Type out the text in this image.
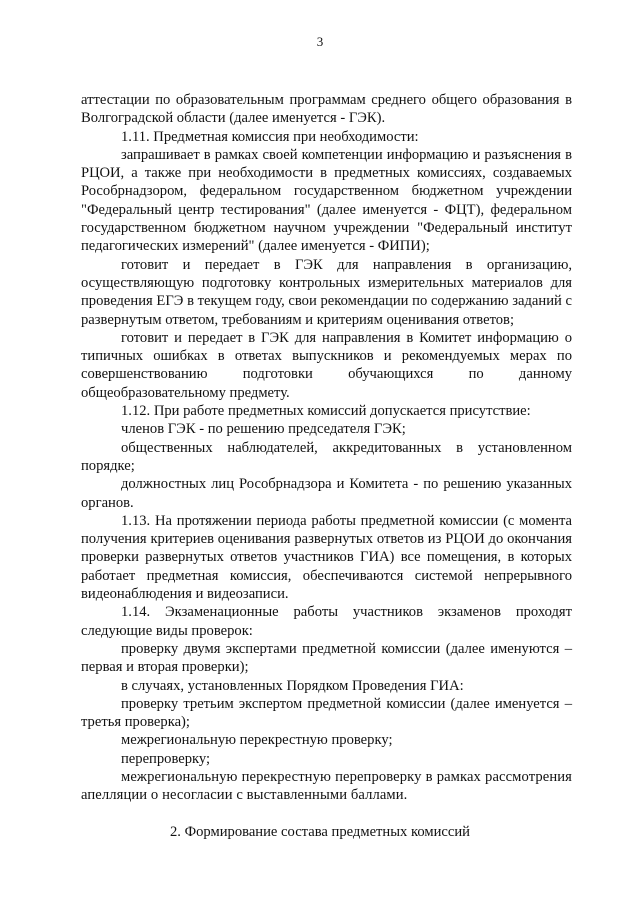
3

аттестации по образовательным программам среднего общего образования в Волгоградской области (далее именуется - ГЭК).

1.11. Предметная комиссия при необходимости:

запрашивает в рамках своей компетенции информацию и разъяснения в РЦОИ, а также при необходимости в предметных комиссиях, создаваемых Рособрнадзором, федеральном государственном бюджетном учреждении "Федеральный центр тестирования" (далее именуется - ФЦТ), федеральном государственном бюджетном научном учреждении "Федеральный институт педагогических измерений" (далее именуется - ФИПИ);

готовит и передает в ГЭК для направления в организацию, осуществляющую подготовку контрольных измерительных материалов для проведения ЕГЭ в текущем году, свои рекомендации по содержанию заданий с развернутым ответом, требованиям и критериям оценивания ответов;

готовит и передает в ГЭК для направления в Комитет информацию о типичных ошибках в ответах выпускников и рекомендуемых мерах по совершенствованию подготовки обучающихся по данному общеобразовательному предмету.

1.12. При работе предметных комиссий допускается присутствие:

членов ГЭК - по решению председателя ГЭК;

общественных наблюдателей, аккредитованных в установленном порядке;

должностных лиц Рособрнадзора и Комитета - по решению указанных органов.

1.13. На протяжении периода работы предметной комиссии (с момента получения критериев оценивания развернутых ответов из РЦОИ до окончания проверки развернутых ответов участников ГИА) все помещения, в которых работает предметная комиссия, обеспечиваются системой непрерывного видеонаблюдения и видеозаписи.

1.14. Экзаменационные работы участников экзаменов проходят следующие виды проверок:

проверку двумя экспертами предметной комиссии (далее именуются – первая и вторая проверки);

в случаях, установленных Порядком Проведения ГИА:

проверку третьим экспертом предметной комиссии (далее именуется – третья проверка);

межрегиональную перекрестную проверку;

перепроверку;

межрегиональную перекрестную перепроверку в рамках рассмотрения апелляции о несогласии с выставленными баллами.

2. Формирование состава предметных комиссий
